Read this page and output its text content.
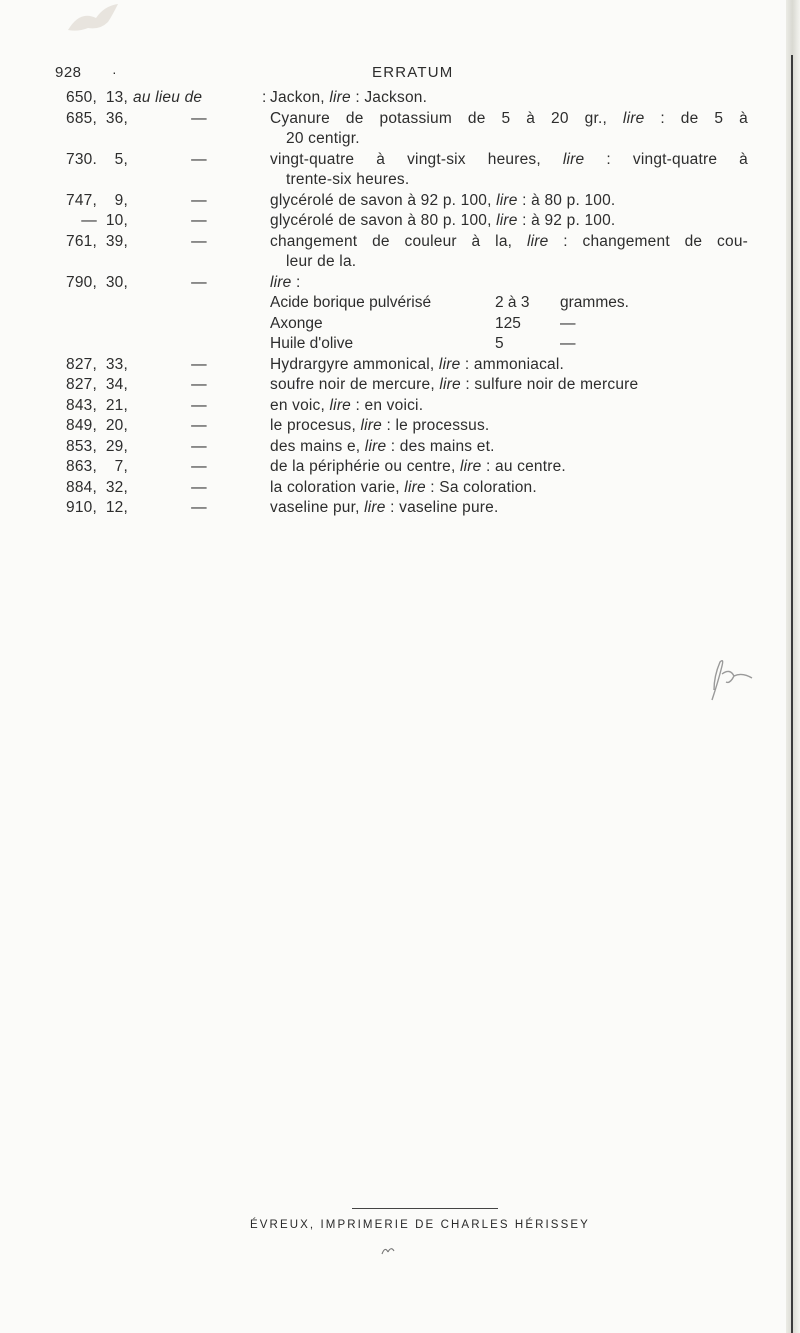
928 ·	ERRATUM
650, 13, au lieu de	: Jackon, lire : Jackson.
685, 36,	—	Cyanure de potassium de 5 à 20 gr., lire : de 5 à
20 centigr.
730.	5,	—	vingt-quatre à vingt-six heures, lire : vingt-quatre à
trente-six heures.
747,	9,	—	glycérolé de savon à 92 p. 100, lire : à 80 p. 100.
— 10,	—	glycérolé de savon à 80 p. 100, lire : à 92 p. 100.
761, 39,	—	changement de couleur à la, lire : changement de cou-
leur de la.
790, 30,	—	lire :
Acide borique pulvérisé	2 à 3	grammes.
Axonge	125	—
Huile d'olive	5	—
827, 33,	—	Hydrargyre ammonical, lire : ammoniacal.
827, 34,	—	soufre noir de mercure, lire : sulfure noir de mercure
843, 21,	—	en voic, lire : en voici.
849, 20,	—	le procesus, lire : le processus.
853, 29,	—	des mains e, lire : des mains et.
863,	7,	—	de la périphérie ou centre, lire : au centre.
884, 32,	—	la coloration varie, lire : Sa coloration.
910, 12,	—	vaseline pur, lire : vaseline pure.
ÉVREUX, IMPRIMERIE DE CHARLES HÉRISSEY
